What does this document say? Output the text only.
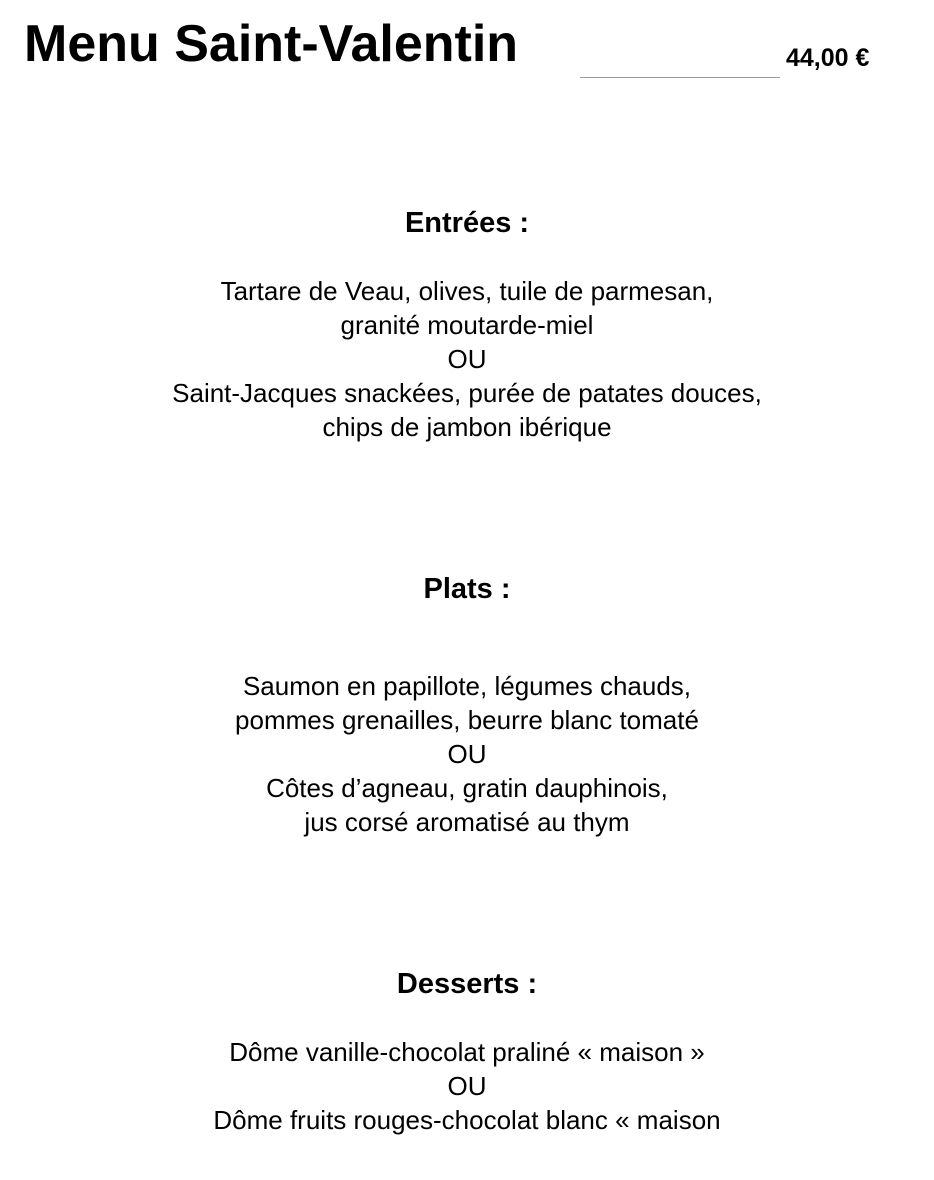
Menu Saint-Valentin	44,00 €
Entrées :
Tartare de Veau, olives, tuile de parmesan,
granité moutarde-miel
OU
Saint-Jacques snackées, purée de patates douces,
chips de jambon ibérique
Plats :
Saumon en papillote, légumes chauds,
pommes grenailles, beurre blanc tomaté
OU
Côtes d’agneau, gratin dauphinois,
jus corsé aromatisé au thym
Desserts :
Dôme vanille-chocolat praliné « maison »
OU
Dôme fruits rouges-chocolat blanc « maison
